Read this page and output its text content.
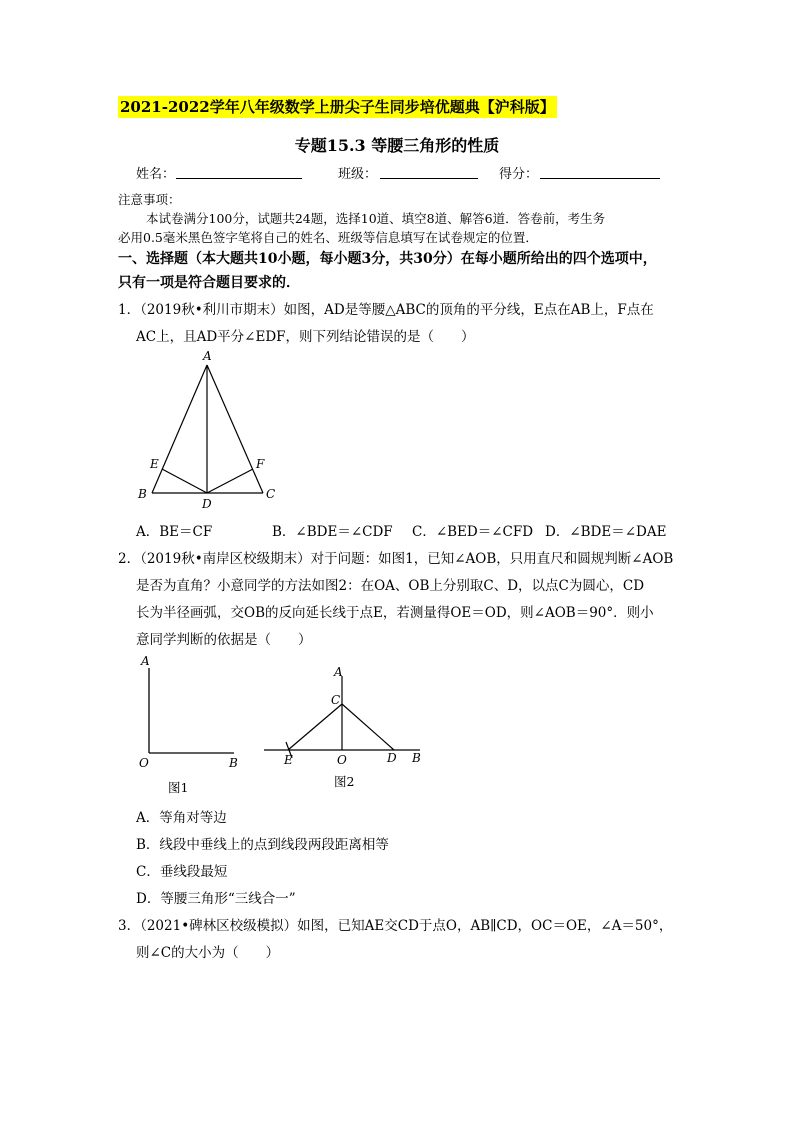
2021-2022学年八年级数学上册尖子生同步培优题典【沪科版】
专题15.3 等腰三角形的性质
姓名：	班级：	得分：
注意事项：
本试卷满分100分，试题共24题，选择10道、填空8道、解答6道．答卷前，考生务
必用0.5毫米黑色签字笔将自己的姓名、班级等信息填写在试卷规定的位置．
一、选择题（本大题共10小题，每小题3分，共30分）在每小题所给出的四个选项中，
只有一项是符合题目要求的．
1．（2019秋•利川市期末）如图，AD是等腰△ABC的顶角的平分线，E点在AB上，F点在
AC上，且AD平分∠EDF，则下列结论错误的是（　　）
A
B	C
D
E	F
A．BE＝CF	B．∠BDE＝∠CDF C．∠BED＝∠CFD D．∠BDE＝∠DAE
2．（2019秋•南岸区校级期末）对于问题：如图1，已知∠AOB，只用直尺和圆规判断∠AOB
是否为直角？小意同学的方法如图2：在OA、OB上分别取C、D，以点C为圆心，CD
长为半径画弧，交OB的反向延长线于点E，若测量得OE＝OD，则∠AOB＝90°．则小
意同学判断的依据是（　　）
A
O	B
图1
A
C
E	O	D B
图2
A．等角对等边
B．线段中垂线上的点到线段两段距离相等
C．垂线段最短
D．等腰三角形“三线合一”
3．（2021•碑林区校级模拟）如图，已知AE交CD于点O，AB∥CD，OC＝OE，∠A＝50°，
则∠C的大小为（　　）
